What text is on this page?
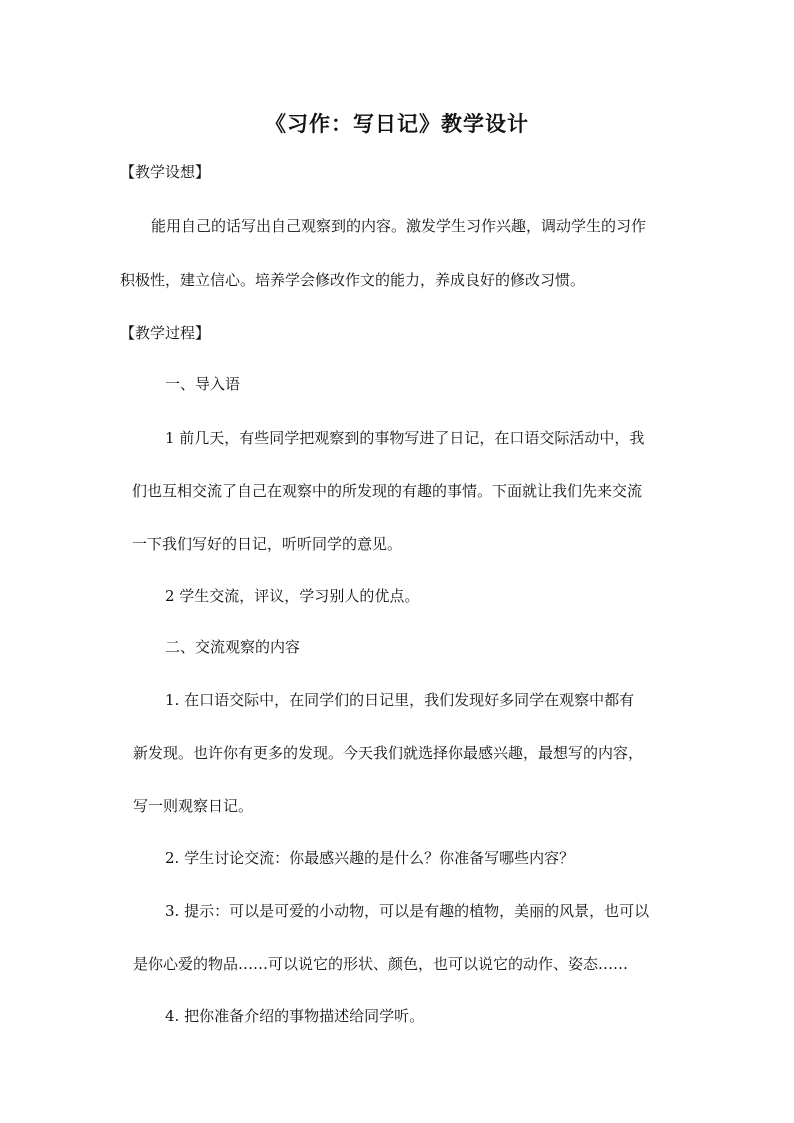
《习作：写日记》教学设计
【教学设想】
能用自己的话写出自己观察到的内容。激发学生习作兴趣，调动学生的习作
积极性，建立信心。培养学会修改作文的能力，养成良好的修改习惯。
【教学过程】
一、导入语
1 前几天，有些同学把观察到的事物写进了日记，在口语交际活动中，我
们也互相交流了自己在观察中的所发现的有趣的事情。下面就让我们先来交流
一下我们写好的日记，听听同学的意见。
2 学生交流，评议，学习别人的优点。
二、交流观察的内容
1. 在口语交际中，在同学们的日记里，我们发现好多同学在观察中都有
新发现。也许你有更多的发现。今天我们就选择你最感兴趣，最想写的内容，
写一则观察日记。
2. 学生讨论交流：你最感兴趣的是什么？你准备写哪些内容？
3. 提示：可以是可爱的小动物，可以是有趣的植物，美丽的风景，也可以
是你心爱的物品……可以说它的形状、颜色，也可以说它的动作、姿态……
4. 把你准备介绍的事物描述给同学听。
